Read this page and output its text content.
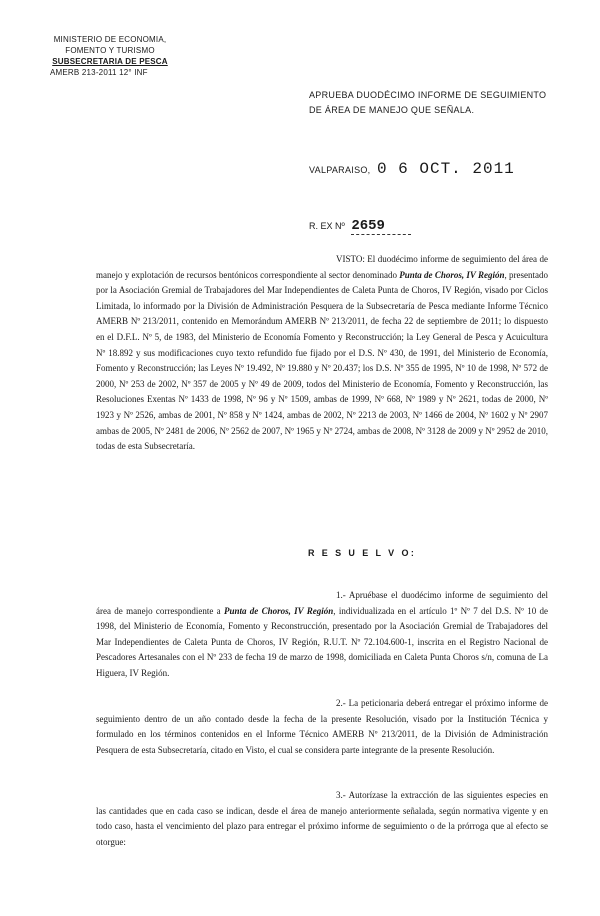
MINISTERIO DE ECONOMIA,
FOMENTO Y TURISMO
SUBSECRETARIA DE PESCA
AMERB 213-2011 12° INF
APRUEBA DUODÉCIMO INFORME DE SEGUIMIENTO DE ÁREA DE MANEJO QUE SEÑALA.
VALPARAISO, 0 6 OCT. 2011
R. EX Nº 2659

VISTO: El duodécimo informe de seguimiento del área de manejo y explotación de recursos bentónicos correspondiente al sector denominado Punta de Choros, IV Región, presentado por la Asociación Gremial de Trabajadores del Mar Independientes de Caleta Punta de Choros, IV Región, visado por Ciclos Limitada, lo informado por la División de Administración Pesquera de la Subsecretaría de Pesca mediante Informe Técnico AMERB Nº 213/2011, contenido en Memorándum AMERB Nº 213/2011, de fecha 22 de septiembre de 2011; lo dispuesto en el D.F.L. Nº 5, de 1983, del Ministerio de Economía Fomento y Reconstrucción; la Ley General de Pesca y Acuicultura Nº 18.892 y sus modificaciones cuyo texto refundido fue fijado por el D.S. Nº 430, de 1991, del Ministerio de Economía, Fomento y Reconstrucción; las Leyes Nº 19.492, Nº 19.880 y Nº 20.437; los D.S. Nº 355 de 1995, Nº 10 de 1998, Nº 572 de 2000, Nº 253 de 2002, Nº 357 de 2005 y Nº 49 de 2009, todos del Ministerio de Economía, Fomento y Reconstrucción, las Resoluciones Exentas Nº 1433 de 1998, Nº 96 y Nº 1509, ambas de 1999, Nº 668, Nº 1989 y Nº 2621, todas de 2000, Nº 1923 y Nº 2526, ambas de 2001, Nº 858 y Nº 1424, ambas de 2002, Nº 2213 de 2003, Nº 1466 de 2004, Nº 1602 y Nº 2907 ambas de 2005, Nº 2481 de 2006, Nº 2562 de 2007, Nº 1965 y Nº 2724, ambas de 2008, Nº 3128 de 2009 y Nº 2952 de 2010, todas de esta Subsecretaría.

R E S U E L V O:

1.- Apruébase el duodécimo informe de seguimiento del área de manejo correspondiente a Punta de Choros, IV Región, individualizada en el artículo 1º Nº 7 del D.S. Nº 10 de 1998, del Ministerio de Economía, Fomento y Reconstrucción, presentado por la Asociación Gremial de Trabajadores del Mar Independientes de Caleta Punta de Choros, IV Región, R.U.T. Nº 72.104.600-1, inscrita en el Registro Nacional de Pescadores Artesanales con el Nº 233 de fecha 19 de marzo de 1998, domiciliada en Caleta Punta Choros s/n, comuna de La Higuera, IV Región.

2.- La peticionaria deberá entregar el próximo informe de seguimiento dentro de un año contado desde la fecha de la presente Resolución, visado por la Institución Técnica y formulado en los términos contenidos en el Informe Técnico AMERB Nº 213/2011, de la División de Administración Pesquera de esta Subsecretaría, citado en Visto, el cual se considera parte integrante de la presente Resolución.

3.- Autorízase la extracción de las siguientes especies en las cantidades que en cada caso se indican, desde el área de manejo anteriormente señalada, según normativa vigente y en todo caso, hasta el vencimiento del plazo para entregar el próximo informe de seguimiento o de la prórroga que al efecto se otorgue:
